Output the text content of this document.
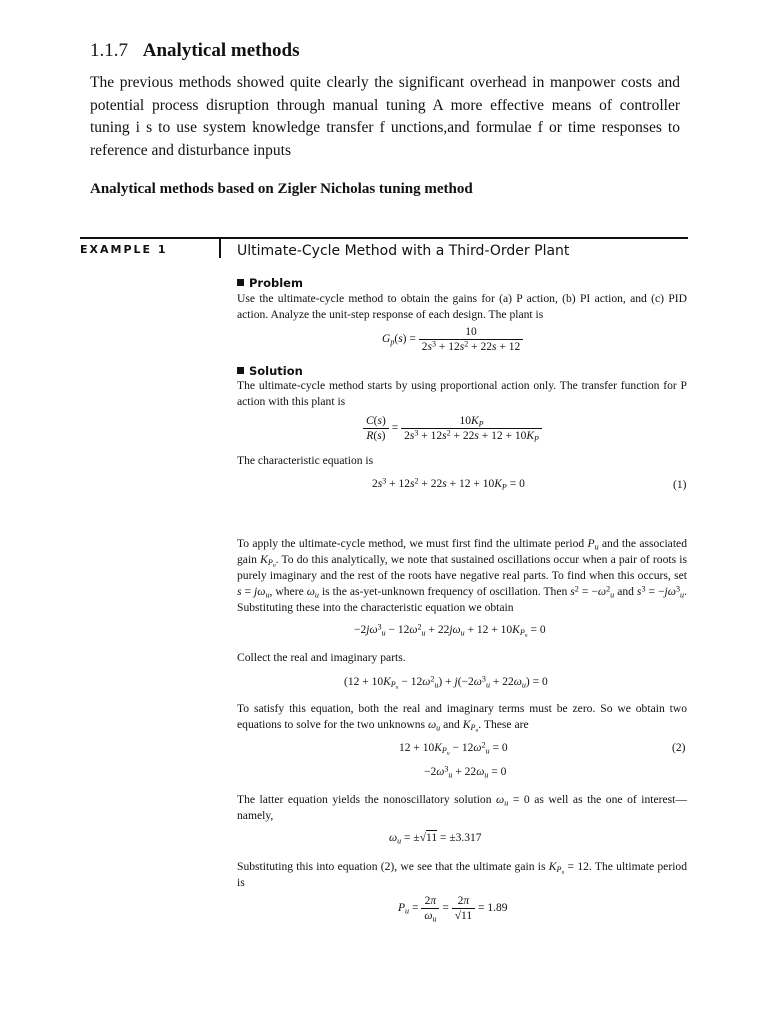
1.1.7 Analytical methods
The previous methods showed quite clearly the significant overhead in manpower costs and potential process disruption through manual tuning A more effective means of controller tuning i s to use system knowledge transfer f unctions,and formulae f or time responses to reference and disturbance inputs
Analytical methods based on Zigler Nicholas tuning method
EXAMPLE 1	Ultimate-Cycle Method with a Third-Order Plant
Problem
Use the ultimate-cycle method to obtain the gains for (a) P action, (b) PI action, and (c) PID action. Analyze the unit-step response of each design. The plant is
$G_p(s) = \frac{10}{2s^3 + 12s^2 + 22s + 12}$
Solution
The ultimate-cycle method starts by using proportional action only. The transfer function for P action with this plant is
$\frac{C(s)}{R(s)} = \frac{10K_P}{2s^3 + 12s^2 + 22s + 12 + 10K_P}$
The characteristic equation is
$2s^3 + 12s^2 + 22s + 12 + 10K_P = 0$	(1)
To apply the ultimate-cycle method, we must first find the ultimate period $P_u$ and the associated gain $K_{P_u}$. To do this analytically, we note that sustained oscillations occur when a pair of roots is purely imaginary and the rest of the roots have negative real parts. To find when this occurs, set $s = j\omega_u$, where $\omega_u$ is the as-yet-unknown frequency of oscillation. Then $s^2 = -\omega^2_u$ and $s^3 = -j\omega^3_u$. Substituting these into the characteristic equation we obtain
$-2j\omega^3_u - 12\omega^2_u + 22j\omega_u + 12 + 10K_{P_u} = 0$
Collect the real and imaginary parts.
$(12 + 10K_{P_u} - 12\omega^2_u) + j(-2\omega^3_u + 22\omega_u) = 0$
To satisfy this equation, both the real and imaginary terms must be zero. So we obtain two equations to solve for the two unknowns $\omega_u$ and $K_{P_u}$. These are
$12 + 10K_{P_u} - 12\omega^2_u = 0$	(2)
$-2\omega^3_u + 22\omega_u = 0$
The latter equation yields the nonoscillatory solution $\omega_u = 0$ as well as the one of interest—namely,
$\omega_u = \pm√11 = \pm 3.317$
Substituting this into equation (2), we see that the ultimate gain is $K_{P_u} = 12$. The ultimate period is
$P_u = \frac{2\pi}{\omega_u} = \frac{2\pi}{√11} = 1.89$
